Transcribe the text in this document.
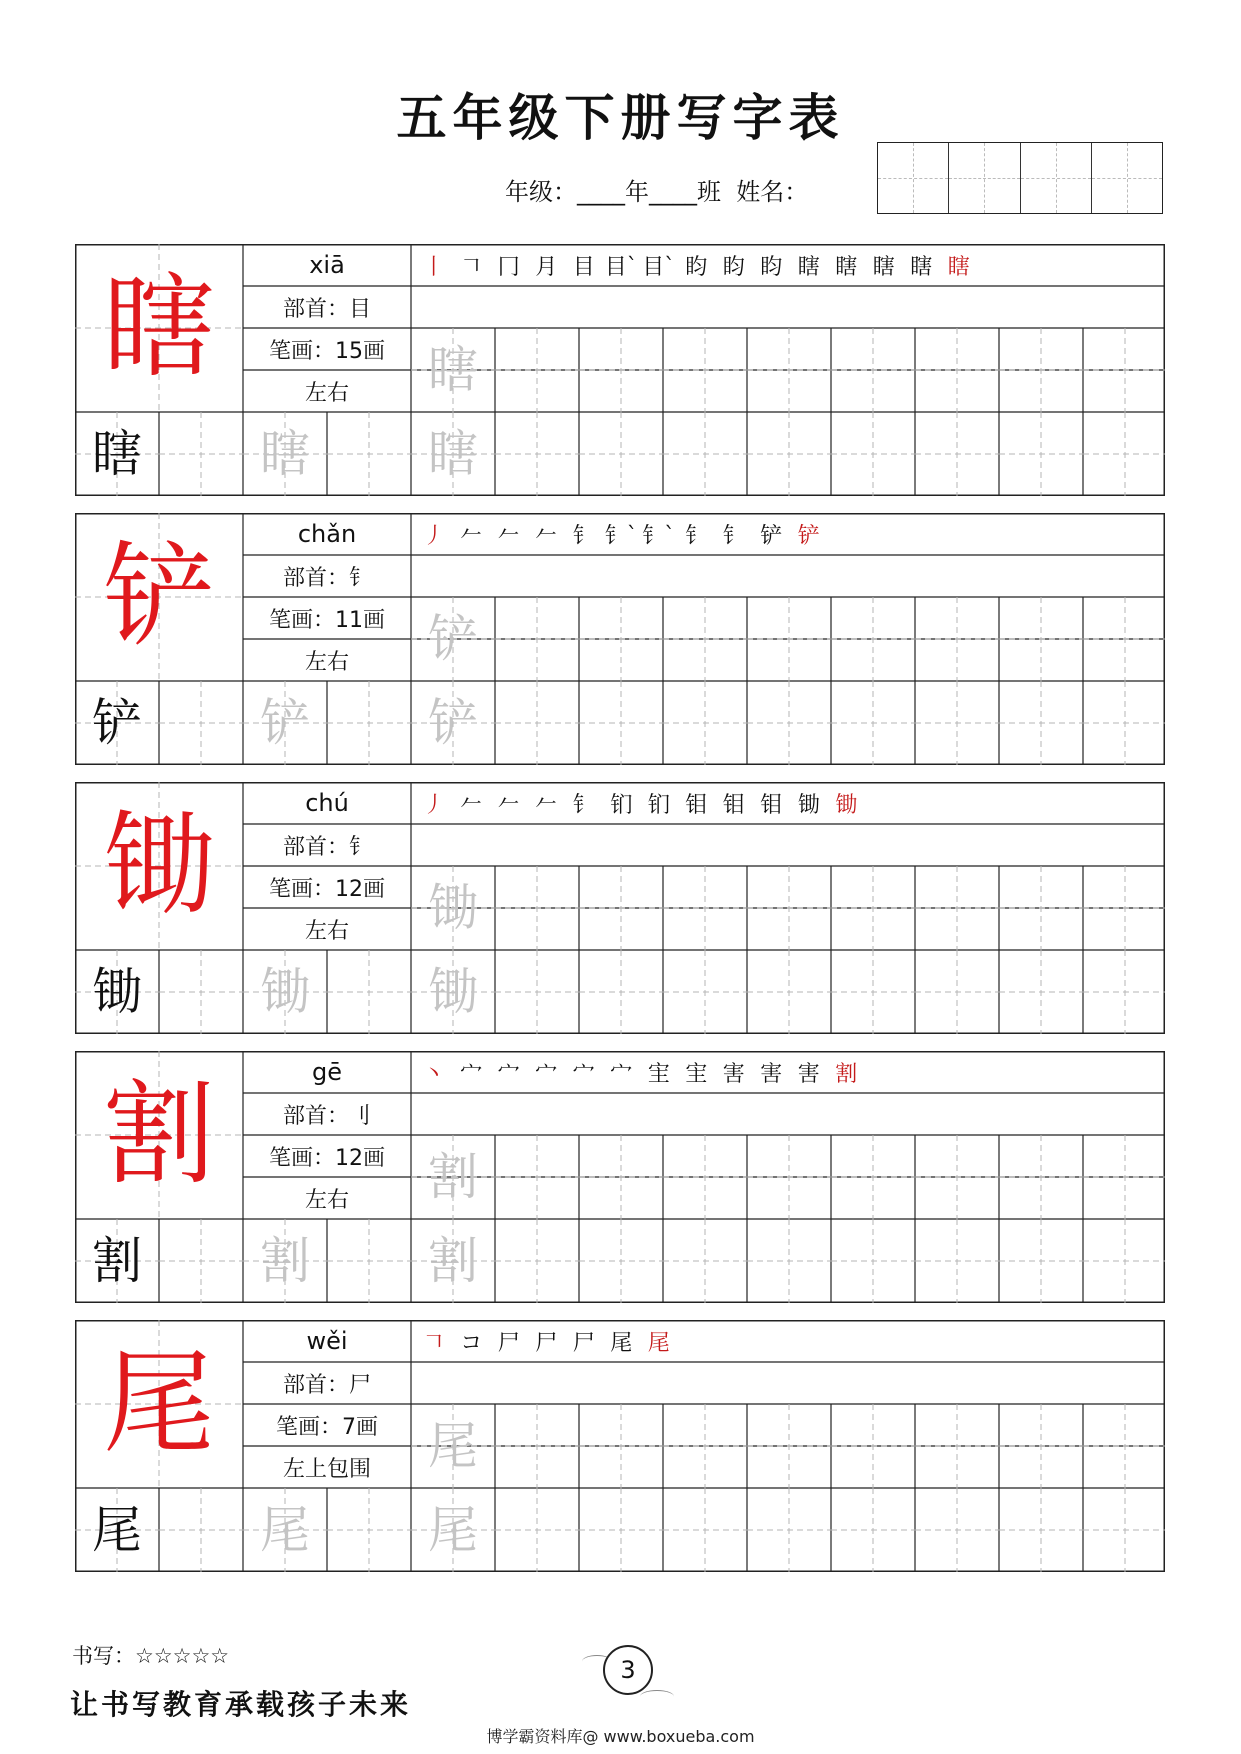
五年级下册写字表
年级：____年____班  姓名：
瞎	xiā
部首：目
笔画：15画
左右
丨 𠃍 冂 月 目 目` 目` 盷 盷 盷 瞎 瞎 瞎 瞎 瞎
瞎	瞎
瞎
瞎
铲	chǎn
部首：钅
笔画：11画
左右
丿 𠂉 𠂉 𠂉 钅 钅` 钅` 钅 钅 铲 铲
铲	铲
铲
铲
锄	chú
部首：钅
笔画：12画
左右
丿 𠂉 𠂉 𠂉 钅 钔 钔 钼 钼 钼 锄 锄
锄	锄
锄
锄
割	gē
部首：刂
笔画：12画
左右
丶 宀 宀 宀 宀 宀 宔 宔 害 害 害 割
割	割
割
割
尾	wěi
部首：尸
笔画：7画
左上包围
𠃍 コ 尸 尸 尸 尾 尾
尾	尾
尾
尾
书写：☆☆☆☆☆
让书写教育承载孩子未来
3
博学霸资料库@ www.boxueba.com
